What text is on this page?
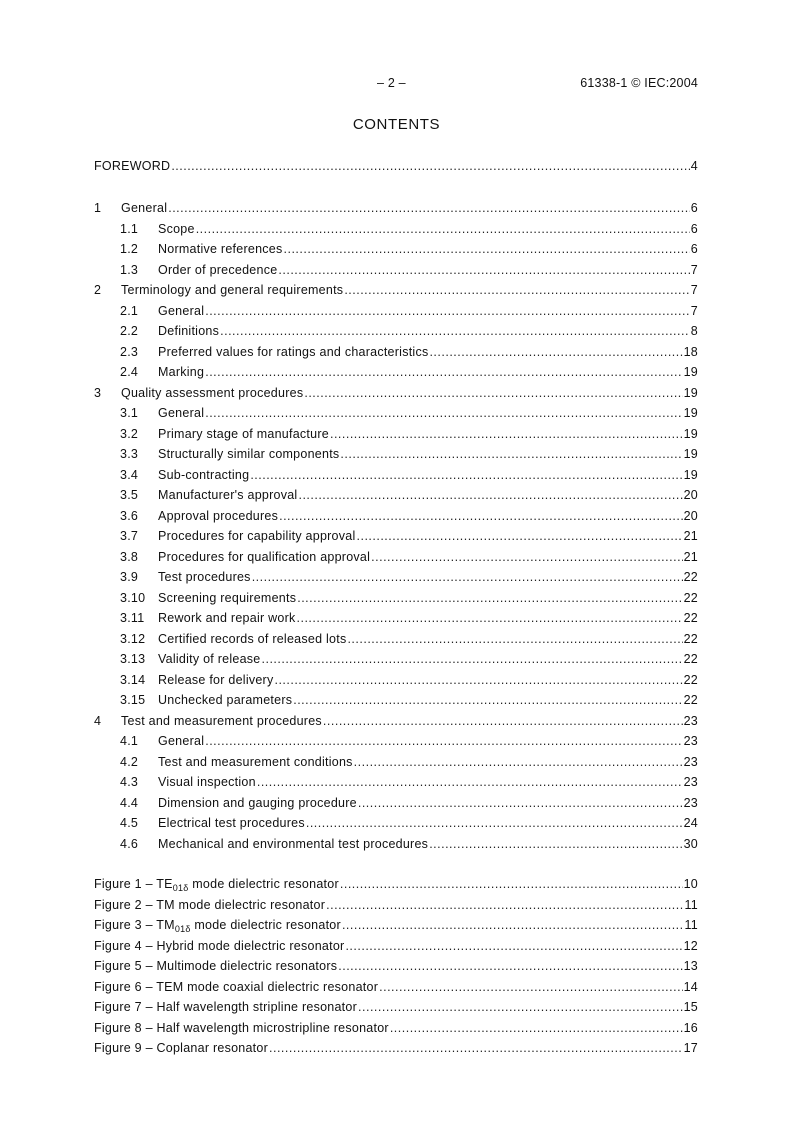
– 2 –	61338-1 © IEC:2004
CONTENTS
FOREWORD .....	4
1	General .....	6
1.1	Scope .....	6
1.2	Normative references .....	6
1.3	Order of precedence .....	7
2	Terminology and general requirements .....	7
2.1	General .....	7
2.2	Definitions .....	8
2.3	Preferred values for ratings and characteristics .....	18
2.4	Marking .....	19
3	Quality assessment procedures .....	19
3.1	General .....	19
3.2	Primary stage of manufacture .....	19
3.3	Structurally similar components .....	19
3.4	Sub-contracting .....	19
3.5	Manufacturer's approval .....	20
3.6	Approval procedures .....	20
3.7	Procedures for capability approval .....	21
3.8	Procedures for qualification approval .....	21
3.9	Test procedures .....	22
3.10	Screening requirements .....	22
3.11	Rework and repair work .....	22
3.12	Certified records of released lots .....	22
3.13	Validity of release .....	22
3.14	Release for delivery .....	22
3.15	Unchecked parameters .....	22
4	Test and measurement procedures .....	23
4.1	General .....	23
4.2	Test and measurement conditions .....	23
4.3	Visual inspection .....	23
4.4	Dimension and gauging procedure .....	23
4.5	Electrical test procedures .....	24
4.6	Mechanical and environmental test procedures .....	30
Figure $1 - TE_{01\delta}$ mode dielectric resonator .....	10
Figure 2 – TM mode dielectric resonator .....	11
Figure $3 - TM_{01\delta}$ mode dielectric resonator .....	11
Figure 4 – Hybrid mode dielectric resonator .....	12
Figure 5 – Multimode dielectric resonators .....	13
Figure 6 – TEM mode coaxial dielectric resonator .....	14
Figure 7 – Half wavelength stripline resonator .....	15
Figure 8 – Half wavelength microstripline resonator .....	16
Figure 9 – Coplanar resonator .....	17
